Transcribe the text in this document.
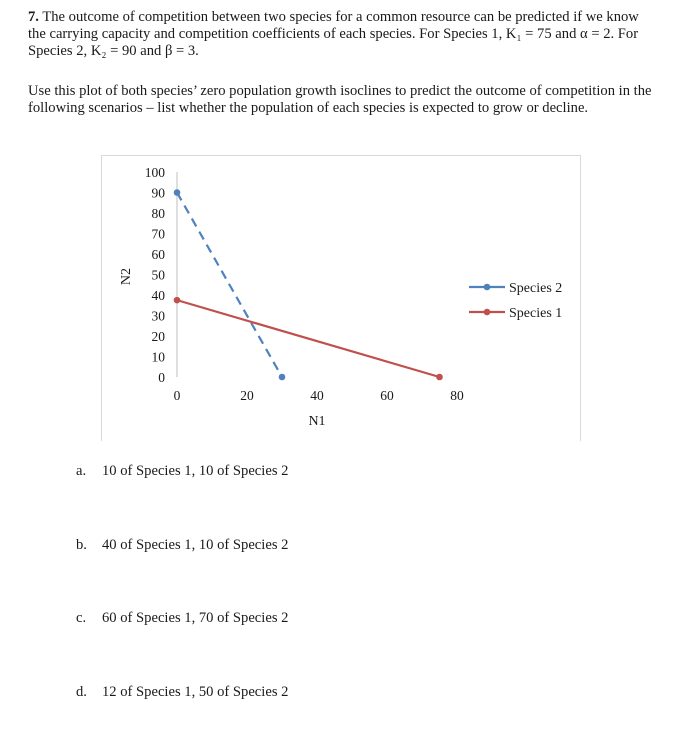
7. The outcome of competition between two species for a common resource can be predicted if we know the carrying capacity and competition coefficients of each species. For Species 1, K₁ = 75 and α = 2. For Species 2, K₂ = 90 and β = 3.

Use this plot of both species’ zero population growth isoclines to predict the outcome of competition in the following scenarios – list whether the population of each species is expected to grow or decline.

0
10
20
30
40
50
60
70
80
90
100
0	20	40	60	80
N1
N2
Species 2
Species 1

a. 10 of Species 1, 10 of Species 2

b. 40 of Species 1, 10 of Species 2

c. 60 of Species 1, 70 of Species 2

d. 12 of Species 1, 50 of Species 2
